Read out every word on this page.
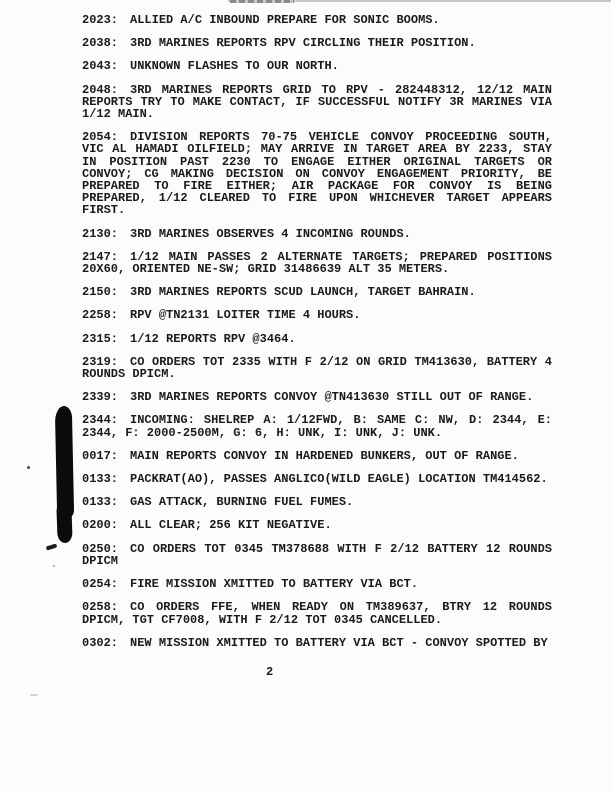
2023: ALLIED A/C INBOUND PREPARE FOR SONIC BOOMS.

2038: 3RD MARINES REPORTS RPV CIRCLING THEIR POSITION.

2043: UNKNOWN FLASHES TO OUR NORTH.

2048: 3RD MARINES REPORTS GRID TO RPV - 282448312, 12/12 MAIN REPORTS TRY TO MAKE CONTACT, IF SUCCESSFUL NOTIFY 3R MARINES VIA 1/12 MAIN.

2054: DIVISION REPORTS 70-75 VEHICLE CONVOY PROCEEDING SOUTH, VIC AL HAMADI OILFIELD; MAY ARRIVE IN TARGET AREA BY 2233, STAY IN POSITION PAST 2230 TO ENGAGE EITHER ORIGINAL TARGETS OR CONVOY; CG MAKING DECISION ON CONVOY ENGAGEMENT PRIORITY, BE PREPARED TO FIRE EITHER; AIR PACKAGE FOR CONVOY IS BEING PREPARED, 1/12 CLEARED TO FIRE UPON WHICHEVER TARGET APPEARS FIRST.

2130: 3RD MARINES OBSERVES 4 INCOMING ROUNDS.

2147: 1/12 MAIN PASSES 2 ALTERNATE TARGETS; PREPARED POSITIONS 20X60, ORIENTED NE-SW; GRID 31486639 ALT 35 METERS.

2150: 3RD MARINES REPORTS SCUD LAUNCH, TARGET BAHRAIN.

2258: RPV @TN2131 LOITER TIME 4 HOURS.

2315: 1/12 REPORTS RPV @3464.

2319: CO ORDERS TOT 2335 WITH F 2/12 ON GRID TM413630, BATTERY 4 ROUNDS DPICM.

2339: 3RD MARINES REPORTS CONVOY @TN413630 STILL OUT OF RANGE.

2344: INCOMING: SHELREP A: 1/12FWD, B: SAME C: NW, D: 2344, E: 2344, F: 2000-2500M, G: 6, H: UNK, I: UNK, J: UNK.

0017: MAIN REPORTS CONVOY IN HARDENED BUNKERS, OUT OF RANGE.

0133: PACKRAT(AO), PASSES ANGLICO(WILD EAGLE) LOCATION TM414562.

0133: GAS ATTACK, BURNING FUEL FUMES.

0200: ALL CLEAR; 256 KIT NEGATIVE.

0250: CO ORDERS TOT 0345 TM378688 WITH F 2/12 BATTERY 12 ROUNDS DPICM

0254: FIRE MISSION XMITTED TO BATTERY VIA BCT.

0258: CO ORDERS FFE, WHEN READY ON TM389637, BTRY 12 ROUNDS DPICM, TGT CF7008, WITH F 2/12 TOT 0345 CANCELLED.

0302: NEW MISSION XMITTED TO BATTERY VIA BCT - CONVOY SPOTTED BY

2
